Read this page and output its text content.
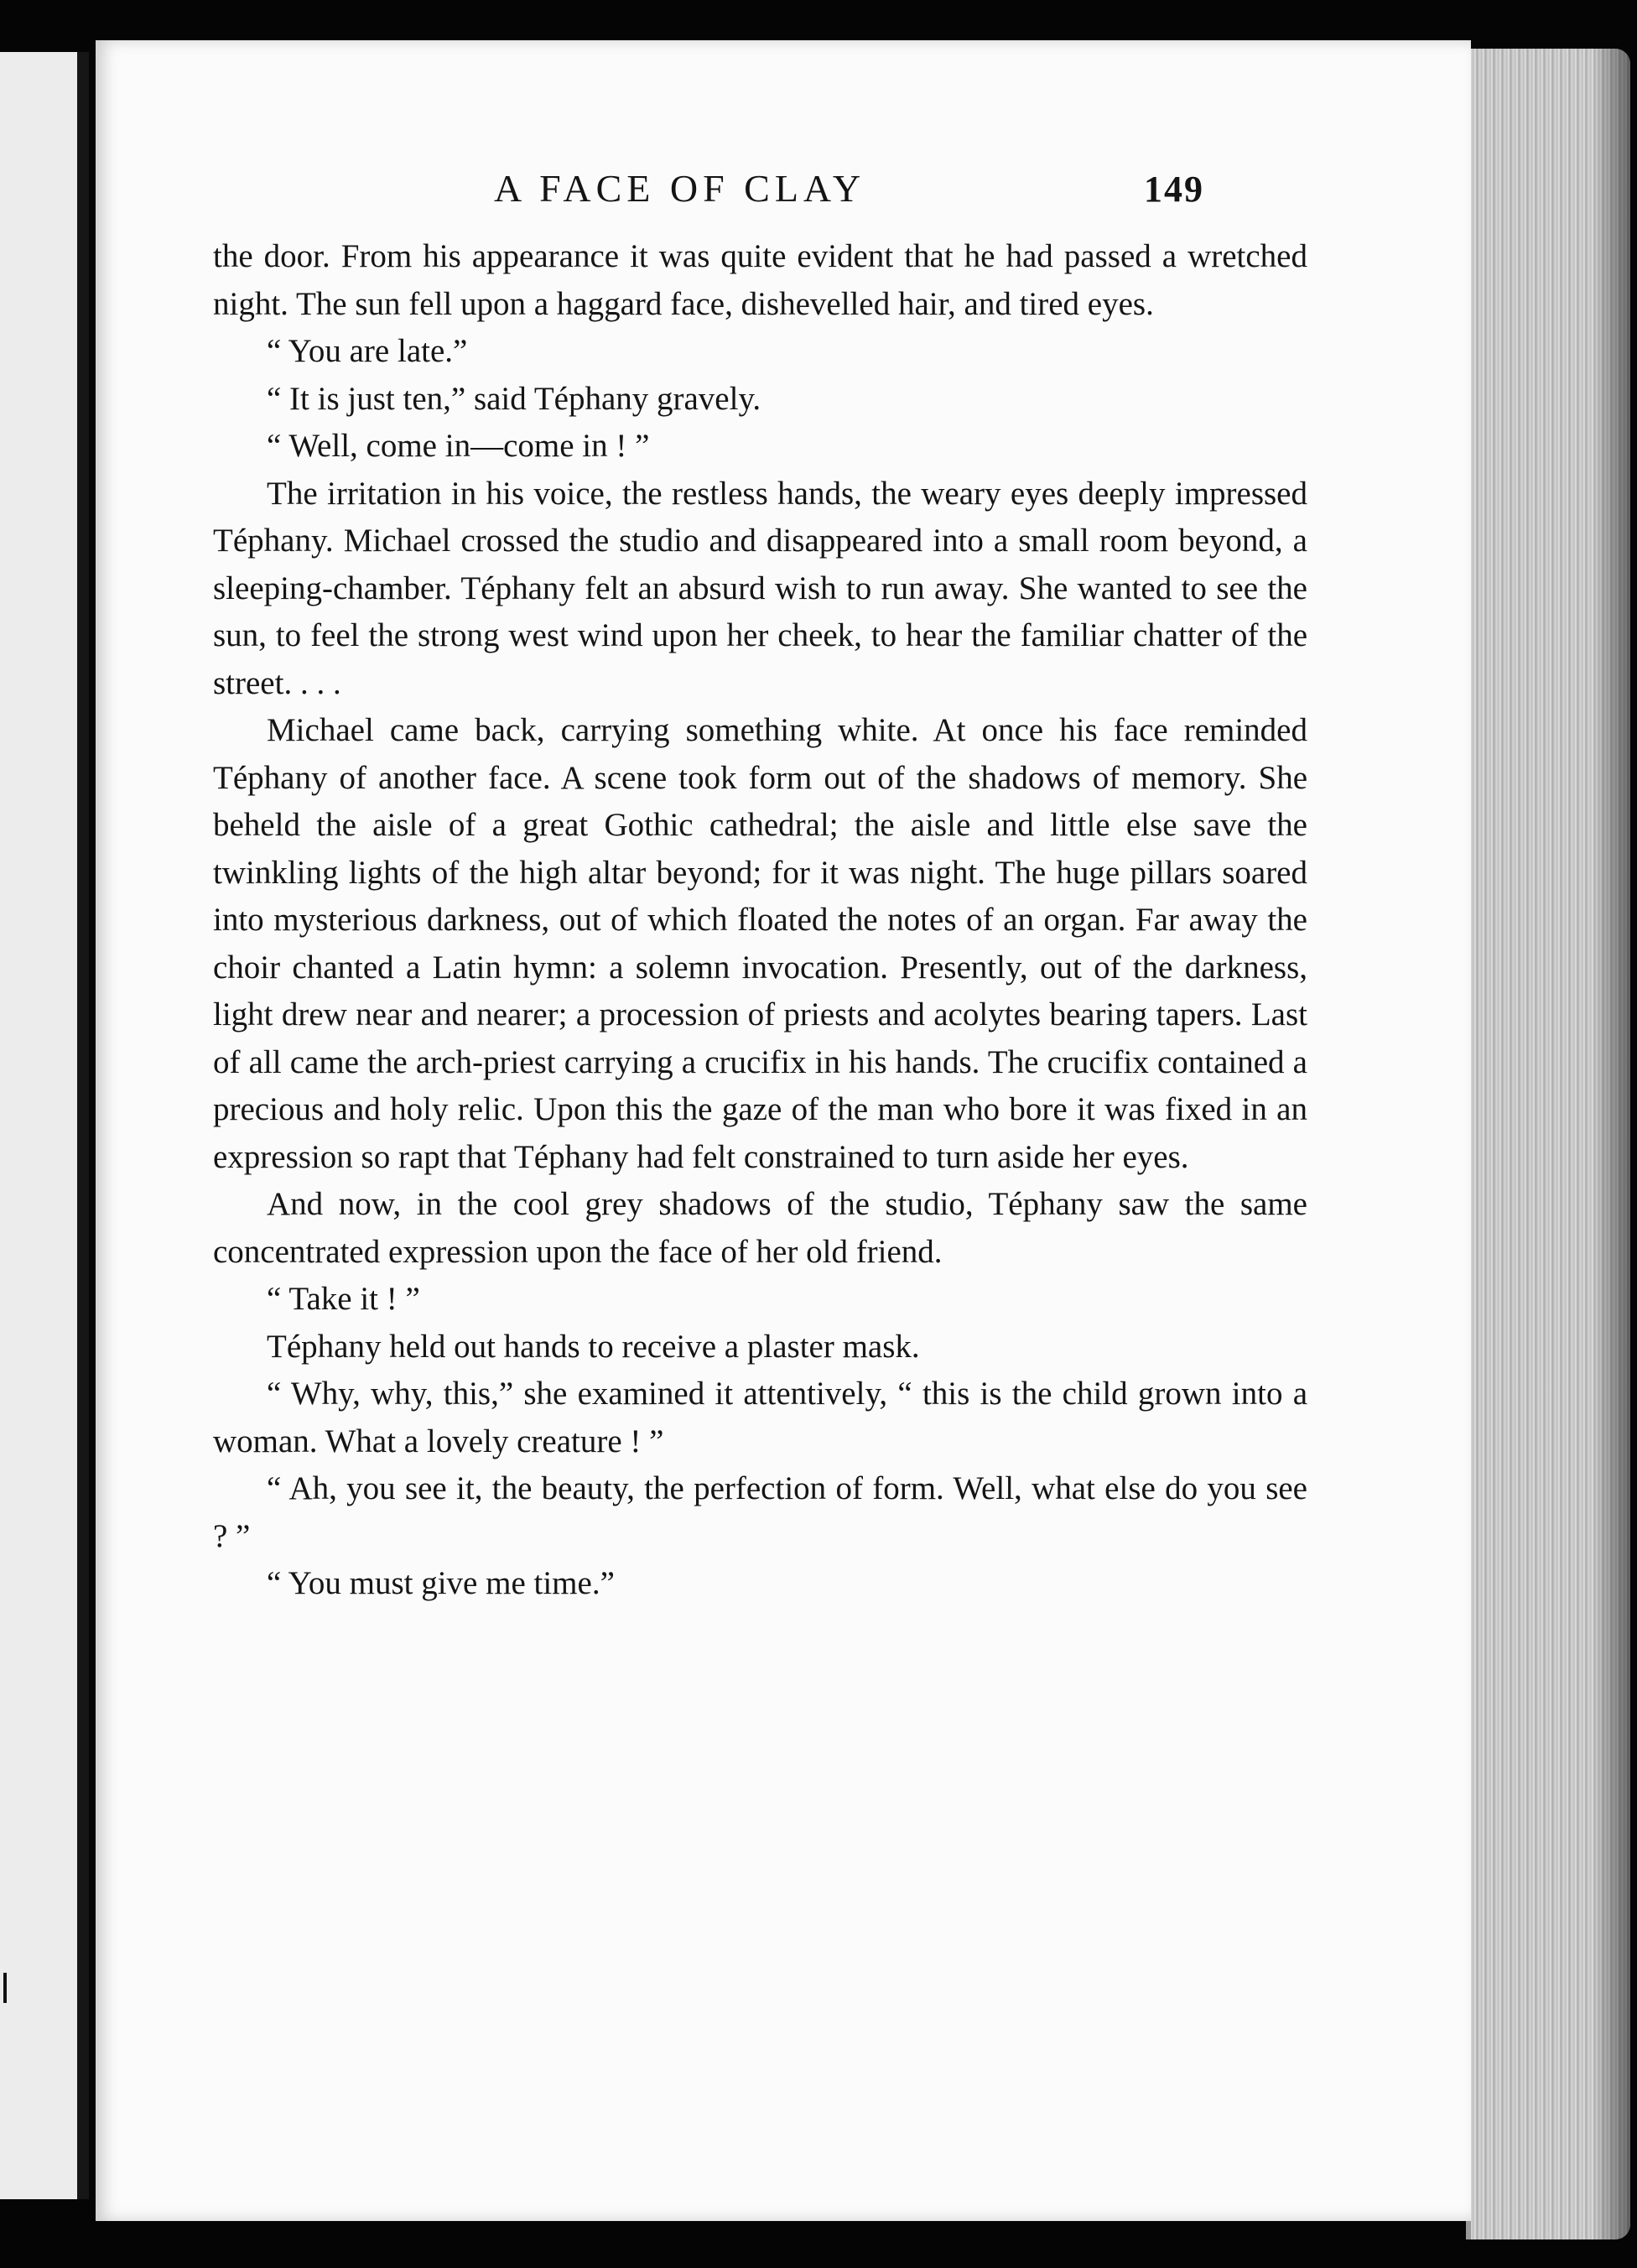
A FACE OF CLAY	149

the door. From his appearance it was quite evident that he had passed a wretched night. The sun fell upon a haggard face, dishevelled hair, and tired eyes.

“ You are late.”

“ It is just ten,” said Téphany gravely.

“ Well, come in—come in ! ”

The irritation in his voice, the restless hands, the weary eyes deeply impressed Téphany. Michael crossed the studio and disappeared into a small room beyond, a sleeping-chamber. Téphany felt an absurd wish to run away. She wanted to see the sun, to feel the strong west wind upon her cheek, to hear the familiar chatter of the street. . . .

Michael came back, carrying something white. At once his face reminded Téphany of another face. A scene took form out of the shadows of memory. She beheld the aisle of a great Gothic cathedral; the aisle and little else save the twinkling lights of the high altar beyond; for it was night. The huge pillars soared into mysterious darkness, out of which floated the notes of an organ. Far away the choir chanted a Latin hymn: a solemn invocation. Presently, out of the darkness, light drew near and nearer; a procession of priests and acolytes bearing tapers. Last of all came the arch-priest carrying a crucifix in his hands. The crucifix contained a precious and holy relic. Upon this the gaze of the man who bore it was fixed in an expression so rapt that Téphany had felt constrained to turn aside her eyes.

And now, in the cool grey shadows of the studio, Téphany saw the same concentrated expression upon the face of her old friend.

“ Take it ! ”

Téphany held out hands to receive a plaster mask.

“ Why, why, this,” she examined it attentively, “ this is the child grown into a woman. What a lovely creature ! ”

“ Ah, you see it, the beauty, the perfection of form. Well, what else do you see ? ”

“ You must give me time.”
